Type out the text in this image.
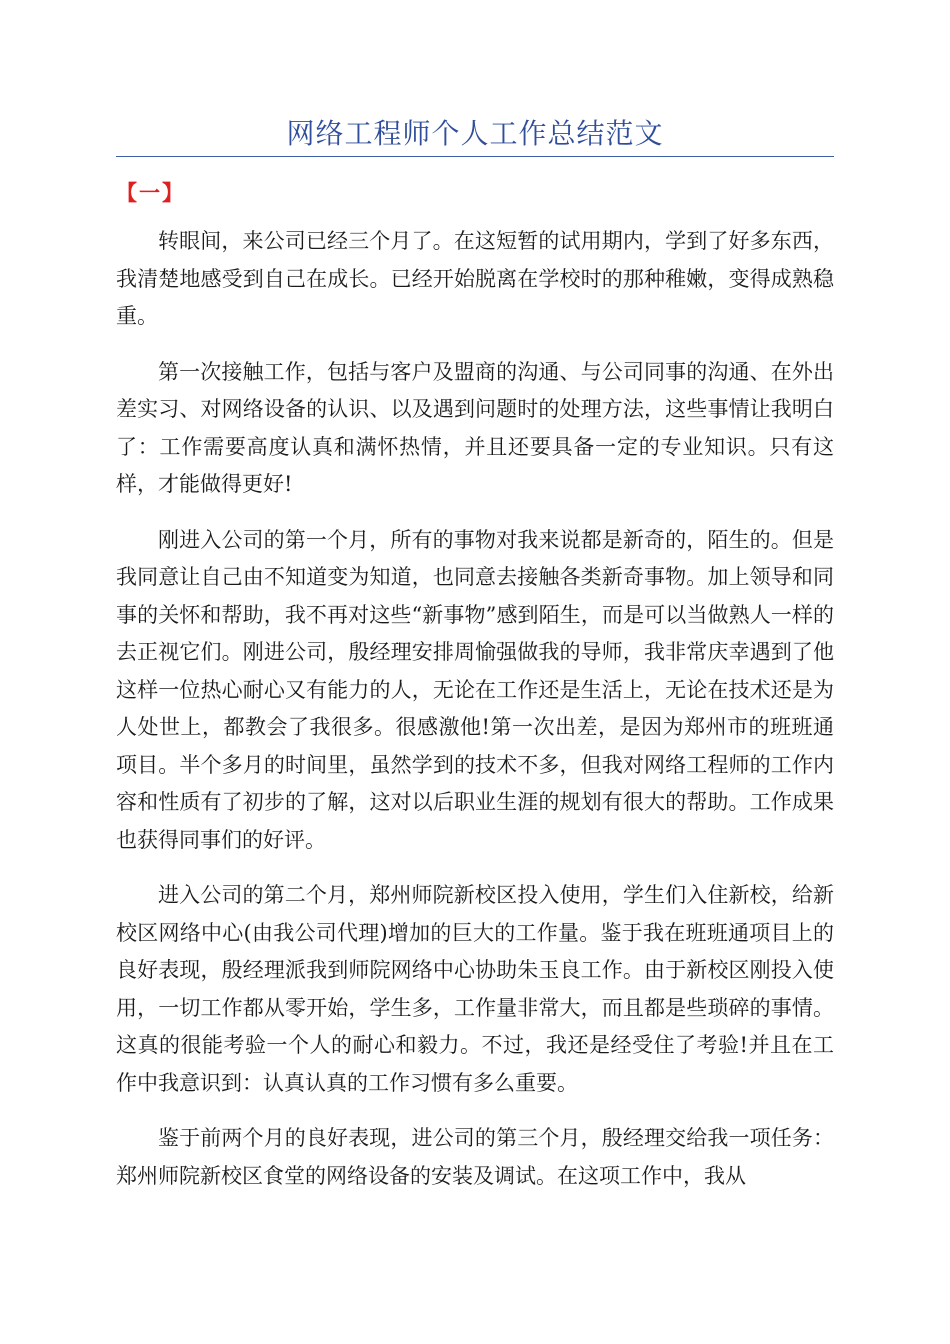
网络工程师个人工作总结范文
【一】

转眼间，来公司已经三个月了。在这短暂的试用期内，学到了好多东西，我清楚地感受到自己在成长。已经开始脱离在学校时的那种稚嫩，变得成熟稳重。

第一次接触工作，包括与客户及盟商的沟通、与公司同事的沟通、在外出差实习、对网络设备的认识、以及遇到问题时的处理方法，这些事情让我明白了：工作需要高度认真和满怀热情，并且还要具备一定的专业知识。只有这样，才能做得更好!

刚进入公司的第一个月，所有的事物对我来说都是新奇的，陌生的。但是我同意让自己由不知道变为知道，也同意去接触各类新奇事物。加上领导和同事的关怀和帮助，我不再对这些“新事物”感到陌生，而是可以当做熟人一样的去正视它们。刚进公司，殷经理安排周愉强做我的导师，我非常庆幸遇到了他这样一位热心耐心又有能力的人，无论在工作还是生活上，无论在技术还是为人处世上，都教会了我很多。很感激他!第一次出差，是因为郑州市的班班通项目。半个多月的时间里，虽然学到的技术不多，但我对网络工程师的工作内容和性质有了初步的了解，这对以后职业生涯的规划有很大的帮助。工作成果也获得同事们的好评。

进入公司的第二个月，郑州师院新校区投入使用，学生们入住新校，给新校区网络中心(由我公司代理)增加的巨大的工作量。鉴于我在班班通项目上的良好表现，殷经理派我到师院网络中心协助朱玉良工作。由于新校区刚投入使用，一切工作都从零开始，学生多，工作量非常大，而且都是些琐碎的事情。这真的很能考验一个人的耐心和毅力。不过，我还是经受住了考验!并且在工作中我意识到：认真认真的工作习惯有多么重要。

鉴于前两个月的良好表现，进公司的第三个月，殷经理交给我一项任务：郑州师院新校区食堂的网络设备的安装及调试。在这项工作中，我从
